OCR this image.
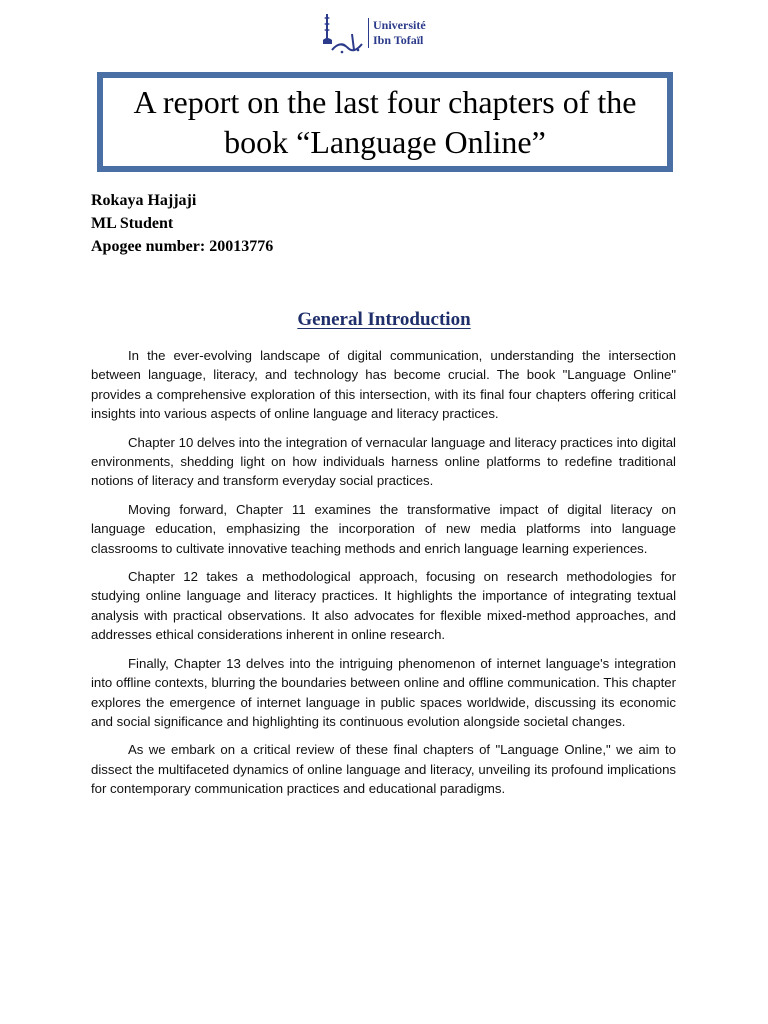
Université
Ibn Tofaïl
A report on the last four chapters of the
book “Language Online”
Rokaya Hajjaji
ML Student
Apogee number: 20013776
General Introduction

In the ever-evolving landscape of digital communication, understanding the intersection between language, literacy, and technology has become crucial. The book "Language Online" provides a comprehensive exploration of this intersection, with its final four chapters offering critical insights into various aspects of online language and literacy practices.

Chapter 10 delves into the integration of vernacular language and literacy practices into digital environments, shedding light on how individuals harness online platforms to redefine traditional notions of literacy and transform everyday social practices.

Moving forward, Chapter 11 examines the transformative impact of digital literacy on language education, emphasizing the incorporation of new media platforms into language classrooms to cultivate innovative teaching methods and enrich language learning experiences.

Chapter 12 takes a methodological approach, focusing on research methodologies for studying online language and literacy practices. It highlights the importance of integrating textual analysis with practical observations. It also advocates for flexible mixed-method approaches, and addresses ethical considerations inherent in online research.

Finally, Chapter 13 delves into the intriguing phenomenon of internet language's integration into offline contexts, blurring the boundaries between online and offline communication. This chapter explores the emergence of internet language in public spaces worldwide, discussing its economic and social significance and highlighting its continuous evolution alongside societal changes.

As we embark on a critical review of these final chapters of "Language Online," we aim to dissect the multifaceted dynamics of online language and literacy, unveiling its profound implications for contemporary communication practices and educational paradigms.
